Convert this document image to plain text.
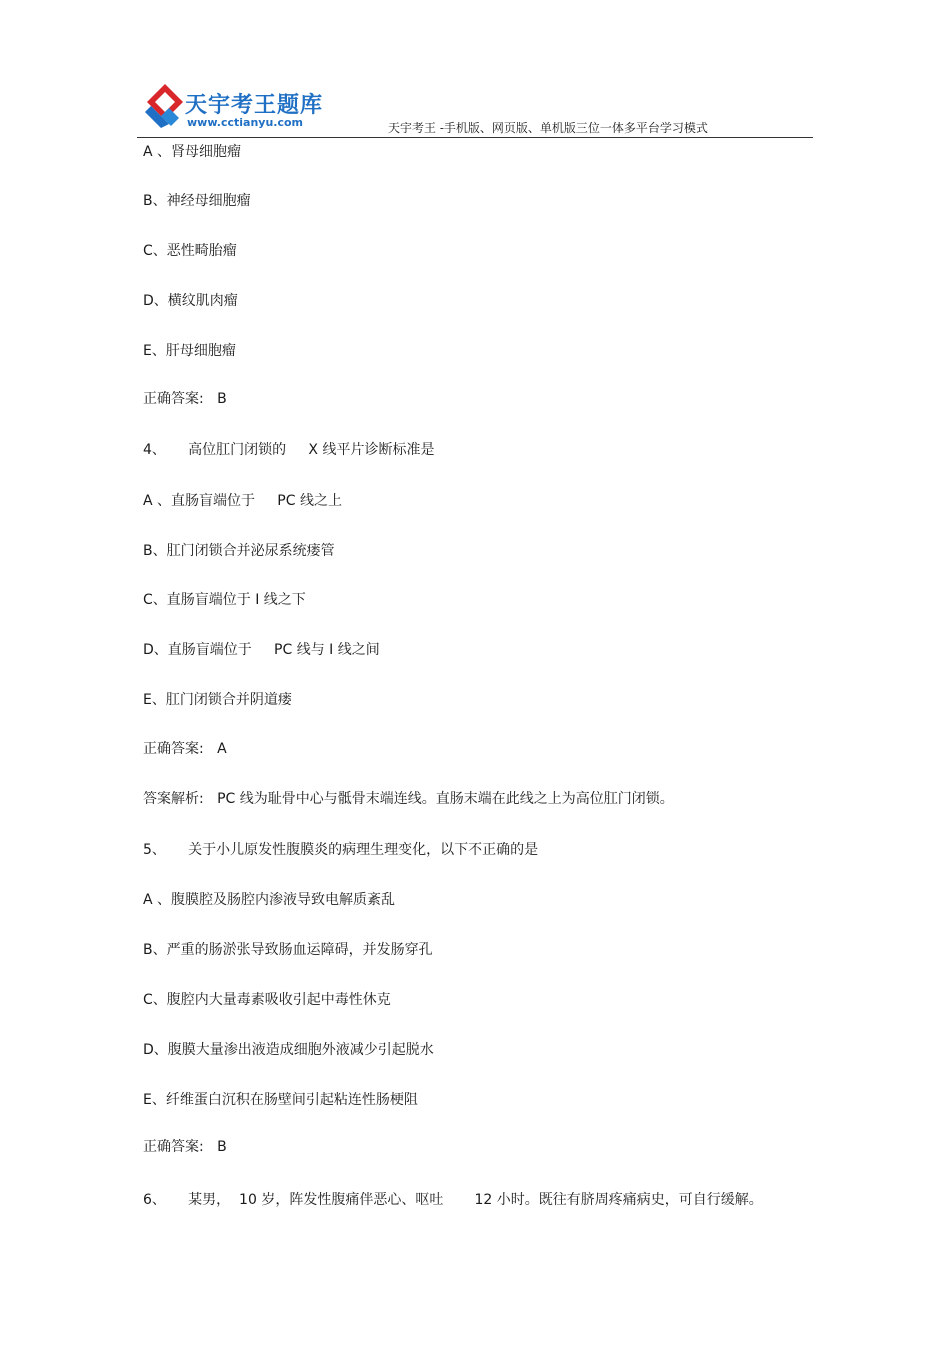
天宇考王题库
www.cctianyu.com	天宇考王 -手机版、网页版、单机版三位一体多平台学习模式
A 、肾母细胞瘤
B、神经母细胞瘤
C、恶性畸胎瘤
D、横纹肌肉瘤
E、肝母细胞瘤
正确答案:   B
4、     高位肛门闭锁的     X 线平片诊断标准是
A 、直肠盲端位于     PC 线之上
B、肛门闭锁合并泌尿系统瘘管
C、直肠盲端位于 I 线之下
D、直肠盲端位于     PC 线与 I 线之间
E、肛门闭锁合并阴道瘘
正确答案:   A
答案解析:   PC 线为耻骨中心与骶骨末端连线。直肠末端在此线之上为高位肛门闭锁。
5、     关于小儿原发性腹膜炎的病理生理变化，以下不正确的是
A 、腹膜腔及肠腔内渗液导致电解质紊乱
B、严重的肠淤张导致肠血运障碍，并发肠穿孔
C、腹腔内大量毒素吸收引起中毒性休克
D、腹膜大量渗出液造成细胞外液减少引起脱水
E、纤维蛋白沉积在肠壁间引起粘连性肠梗阻
正确答案:   B
6、     某男，  10 岁，阵发性腹痛伴恶心、呕吐       12 小时。既往有脐周疼痛病史，可自行缓解。
